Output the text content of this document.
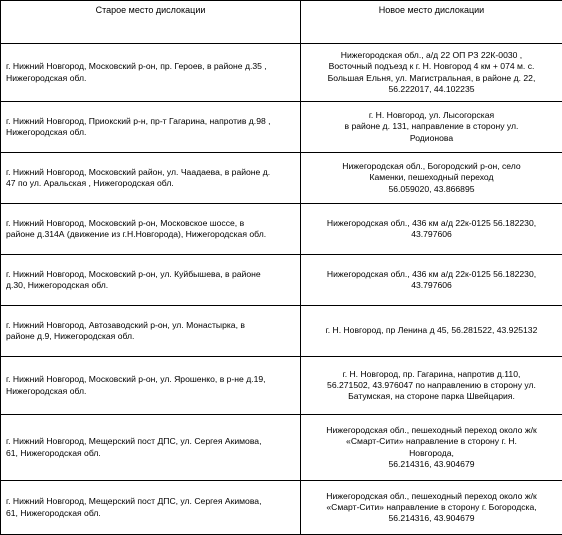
Старое место дислокации	Новое место дислокации

г. Нижний Новгород, Московский р-он, пр. Героев, в районе д.35 ,
Нижегородская обл.	Нижегородская обл., а/д 22 ОП РЗ 22К-0030 ,
Восточный подъезд к г. Н. Новгород 4 км + 074 м. с.
Большая Ельня, ул. Магистральная, в районе д. 22,
56.222017, 44.102235

г. Нижний Новгород, Приокский р-н, пр-т Гагарина, напротив д.98 ,
Нижегородская обл.	г. Н. Новгород, ул. Лысогорская
в районе д. 131, направление в сторону ул.
Родионова

г. Нижний Новгород, Московский район, ул. Чаадаева, в районе д.
47 по ул. Аральская , Нижегородская обл.	Нижегородская обл., Богородский р-он, село
Каменки, пешеходный переход
56.059020, 43.866895

г. Нижний Новгород, Московский р-он, Московское шоссе, в
районе д.314А (движение из г.Н.Новгорода), Нижегородская обл.	Нижегородская обл., 436 км а/д 22к-0125 56.182230,
43.797606

г. Нижний Новгород, Московский р-он, ул. Куйбышева, в районе
д.30, Нижегородская обл.	Нижегородская обл., 436 км а/д 22к-0125 56.182230,
43.797606

г. Нижний Новгород, Автозаводский р-он, ул. Монастырка, в
районе д.9, Нижегородская обл.	г. Н. Новгород, пр Ленина д 45, 56.281522, 43.925132

г. Нижний Новгород, Московский р-он, ул. Ярошенко, в р-не д.19,
Нижегородская обл.	г. Н. Новгород, пр. Гагарина, напротив д.110,
56.271502, 43.976047 по направлению в сторону ул.
Батумская, на стороне парка Швейцария.

г. Нижний Новгород, Мещерский пост ДПС, ул. Сергея Акимова,
61, Нижегородская обл.	Нижегородская обл., пешеходный переход около ж/к
«Смарт-Сити» направление в сторону г. Н.
Новгорода,
56.214316, 43.904679

г. Нижний Новгород, Мещерский пост ДПС, ул. Сергея Акимова,
61, Нижегородская обл.	Нижегородская обл., пешеходный переход около ж/к
«Смарт-Сити» направление в сторону г. Богородска,
56.214316, 43.904679
